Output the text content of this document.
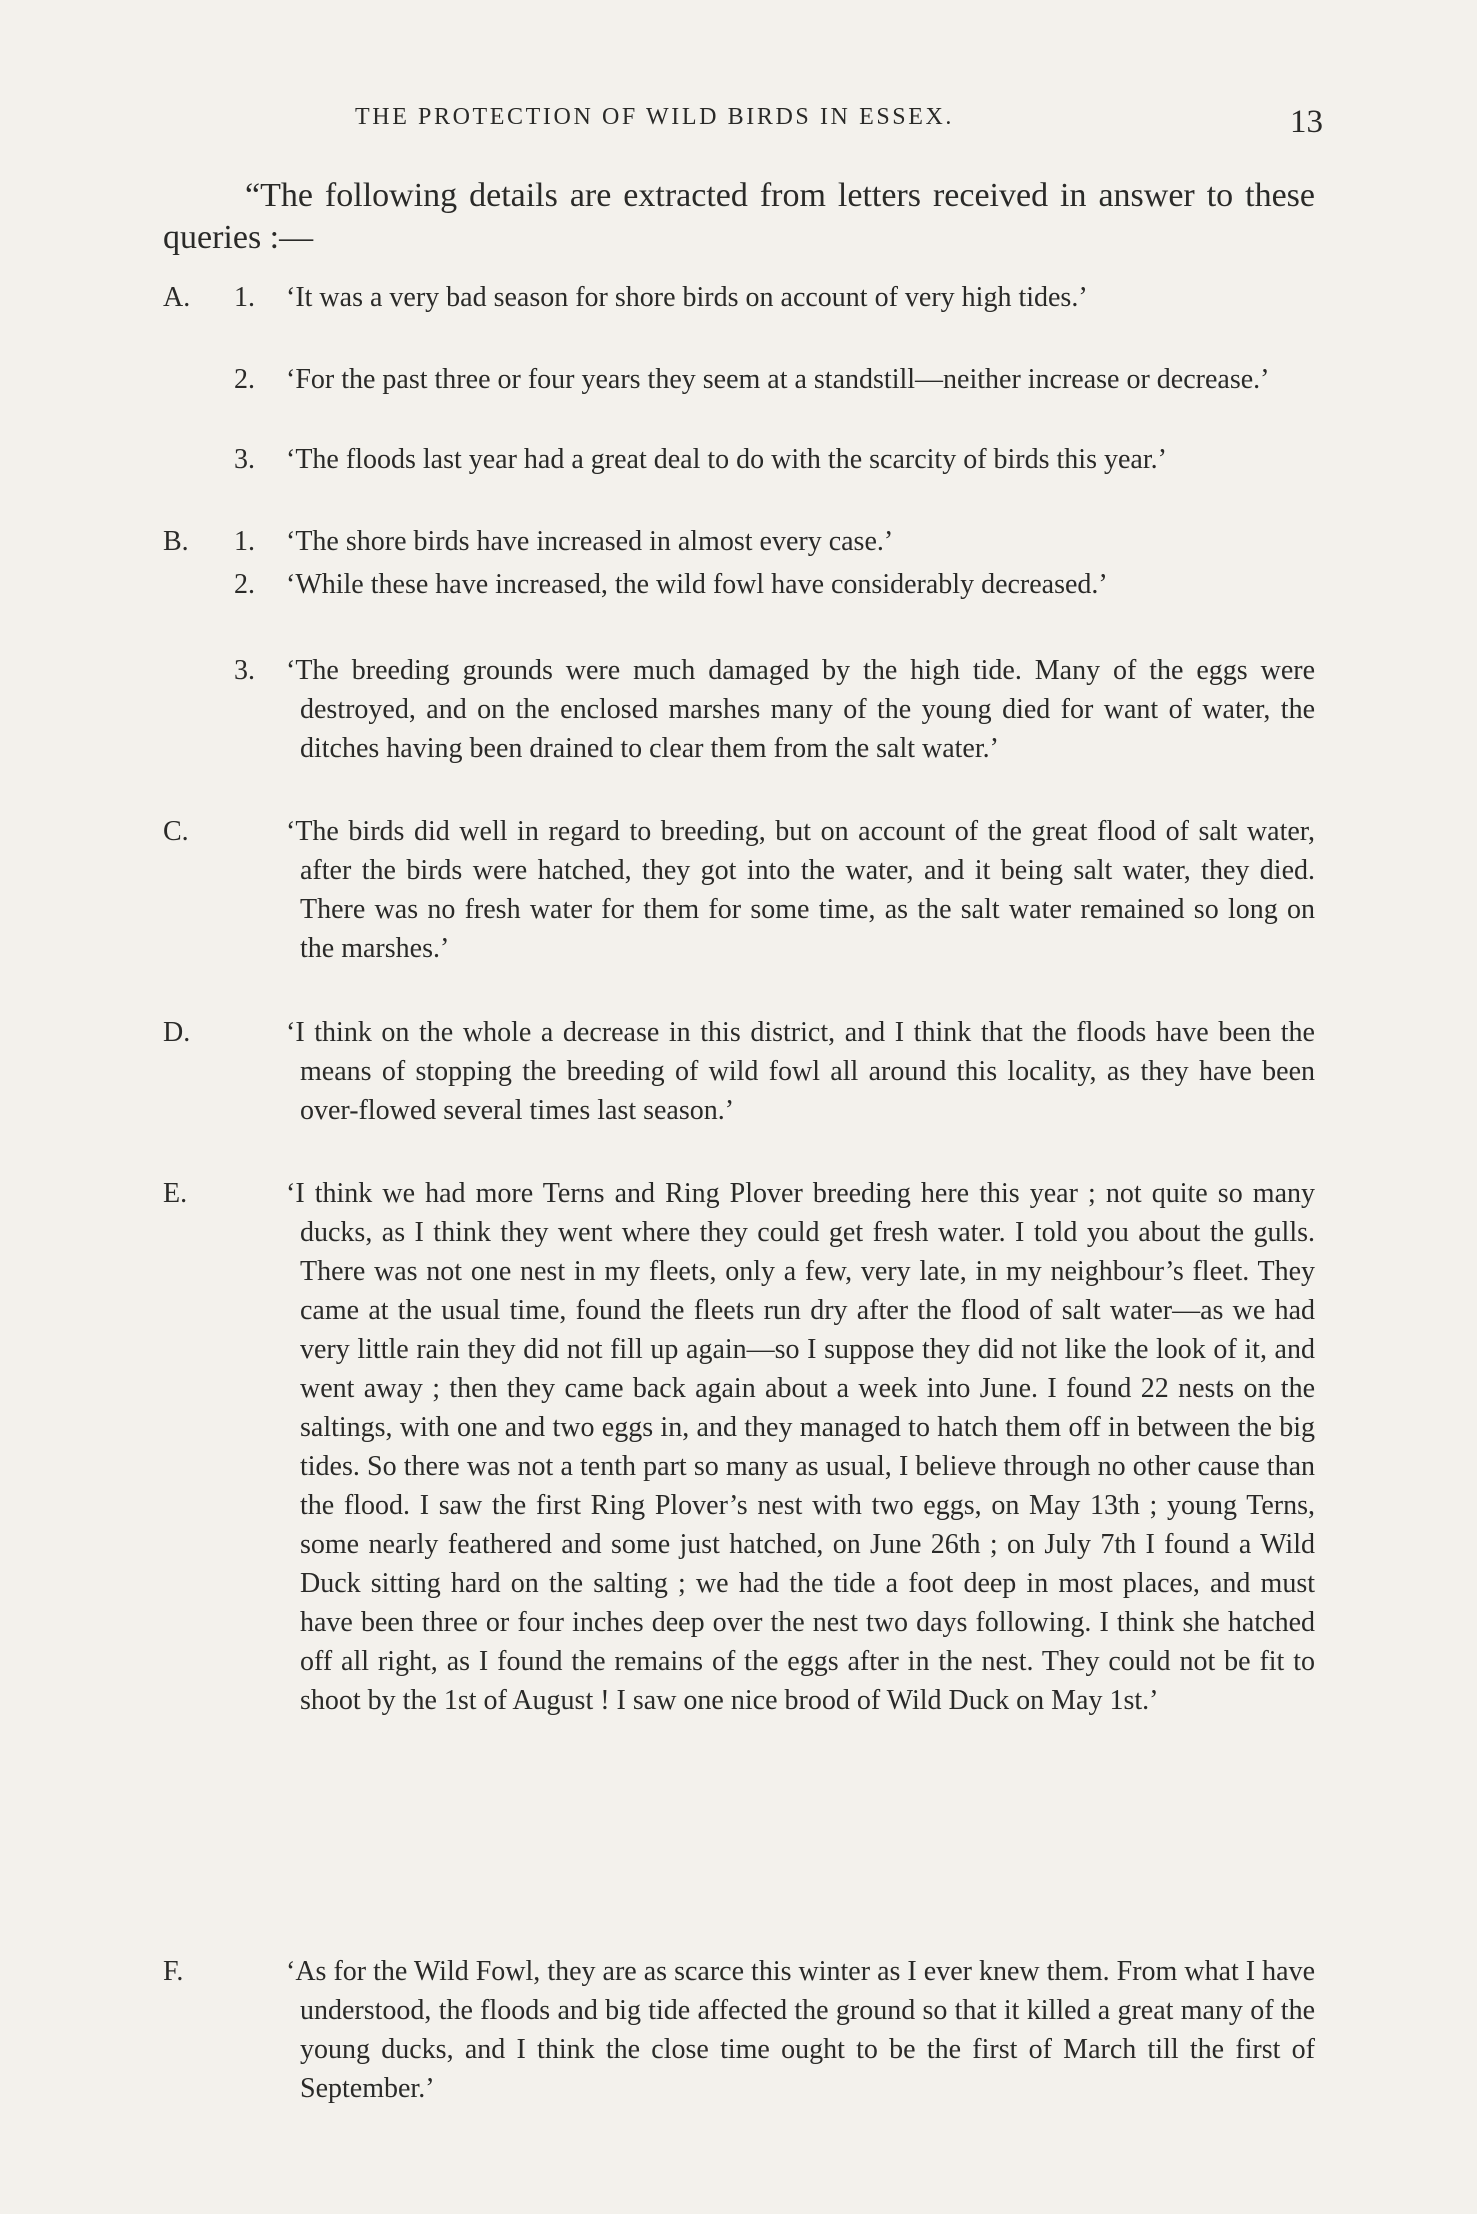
THE PROTECTION OF WILD BIRDS IN ESSEX.	13

“The following details are extracted from letters received in answer to these queries :—

A.	1. ‘It was a very bad season for shore birds on account of very high tides.’

2. ‘For the past three or four years they seem at a standstill—neither increase or decrease.’

3. ‘The floods last year had a great deal to do with the scarcity of birds this year.’

B.	1. ‘The shore birds have increased in almost every case.’

2. ‘While these have increased, the wild fowl have considerably decreased.’

3. ‘The breeding grounds were much damaged by the high tide. Many of the eggs were destroyed, and on the enclosed marshes many of the young died for want of water, the ditches having been drained to clear them from the salt water.’

C.	‘The birds did well in regard to breeding, but on account of the great flood of salt water, after the birds were hatched, they got into the water, and it being salt water, they died. There was no fresh water for them for some time, as the salt water remained so long on the marshes.’

D.	‘I think on the whole a decrease in this district, and I think that the floods have been the means of stopping the breeding of wild fowl all around this locality, as they have been over-flowed several times last season.’

E.	‘I think we had more Terns and Ring Plover breeding here this year ; not quite so many ducks, as I think they went where they could get fresh water. I told you about the gulls. There was not one nest in my fleets, only a few, very late, in my neighbour’s fleet. They came at the usual time, found the fleets run dry after the flood of salt water—as we had very little rain they did not fill up again—so I suppose they did not like the look of it, and went away ; then they came back again about a week into June. I found 22 nests on the saltings, with one and two eggs in, and they managed to hatch them off in between the big tides. So there was not a tenth part so many as usual, I believe through no other cause than the flood. I saw the first Ring Plover’s nest with two eggs, on May 13th ; young Terns, some nearly feathered and some just hatched, on June 26th ; on July 7th I found a Wild Duck sitting hard on the salting ; we had the tide a foot deep in most places, and must have been three or four inches deep over the nest two days following. I think she hatched off all right, as I found the remains of the eggs after in the nest. They could not be fit to shoot by the 1st of August ! I saw one nice brood of Wild Duck on May 1st.’

F.	‘As for the Wild Fowl, they are as scarce this winter as I ever knew them. From what I have understood, the floods and big tide affected the ground so that it killed a great many of the young ducks, and I think the close time ought to be the first of March till the first of September.’
